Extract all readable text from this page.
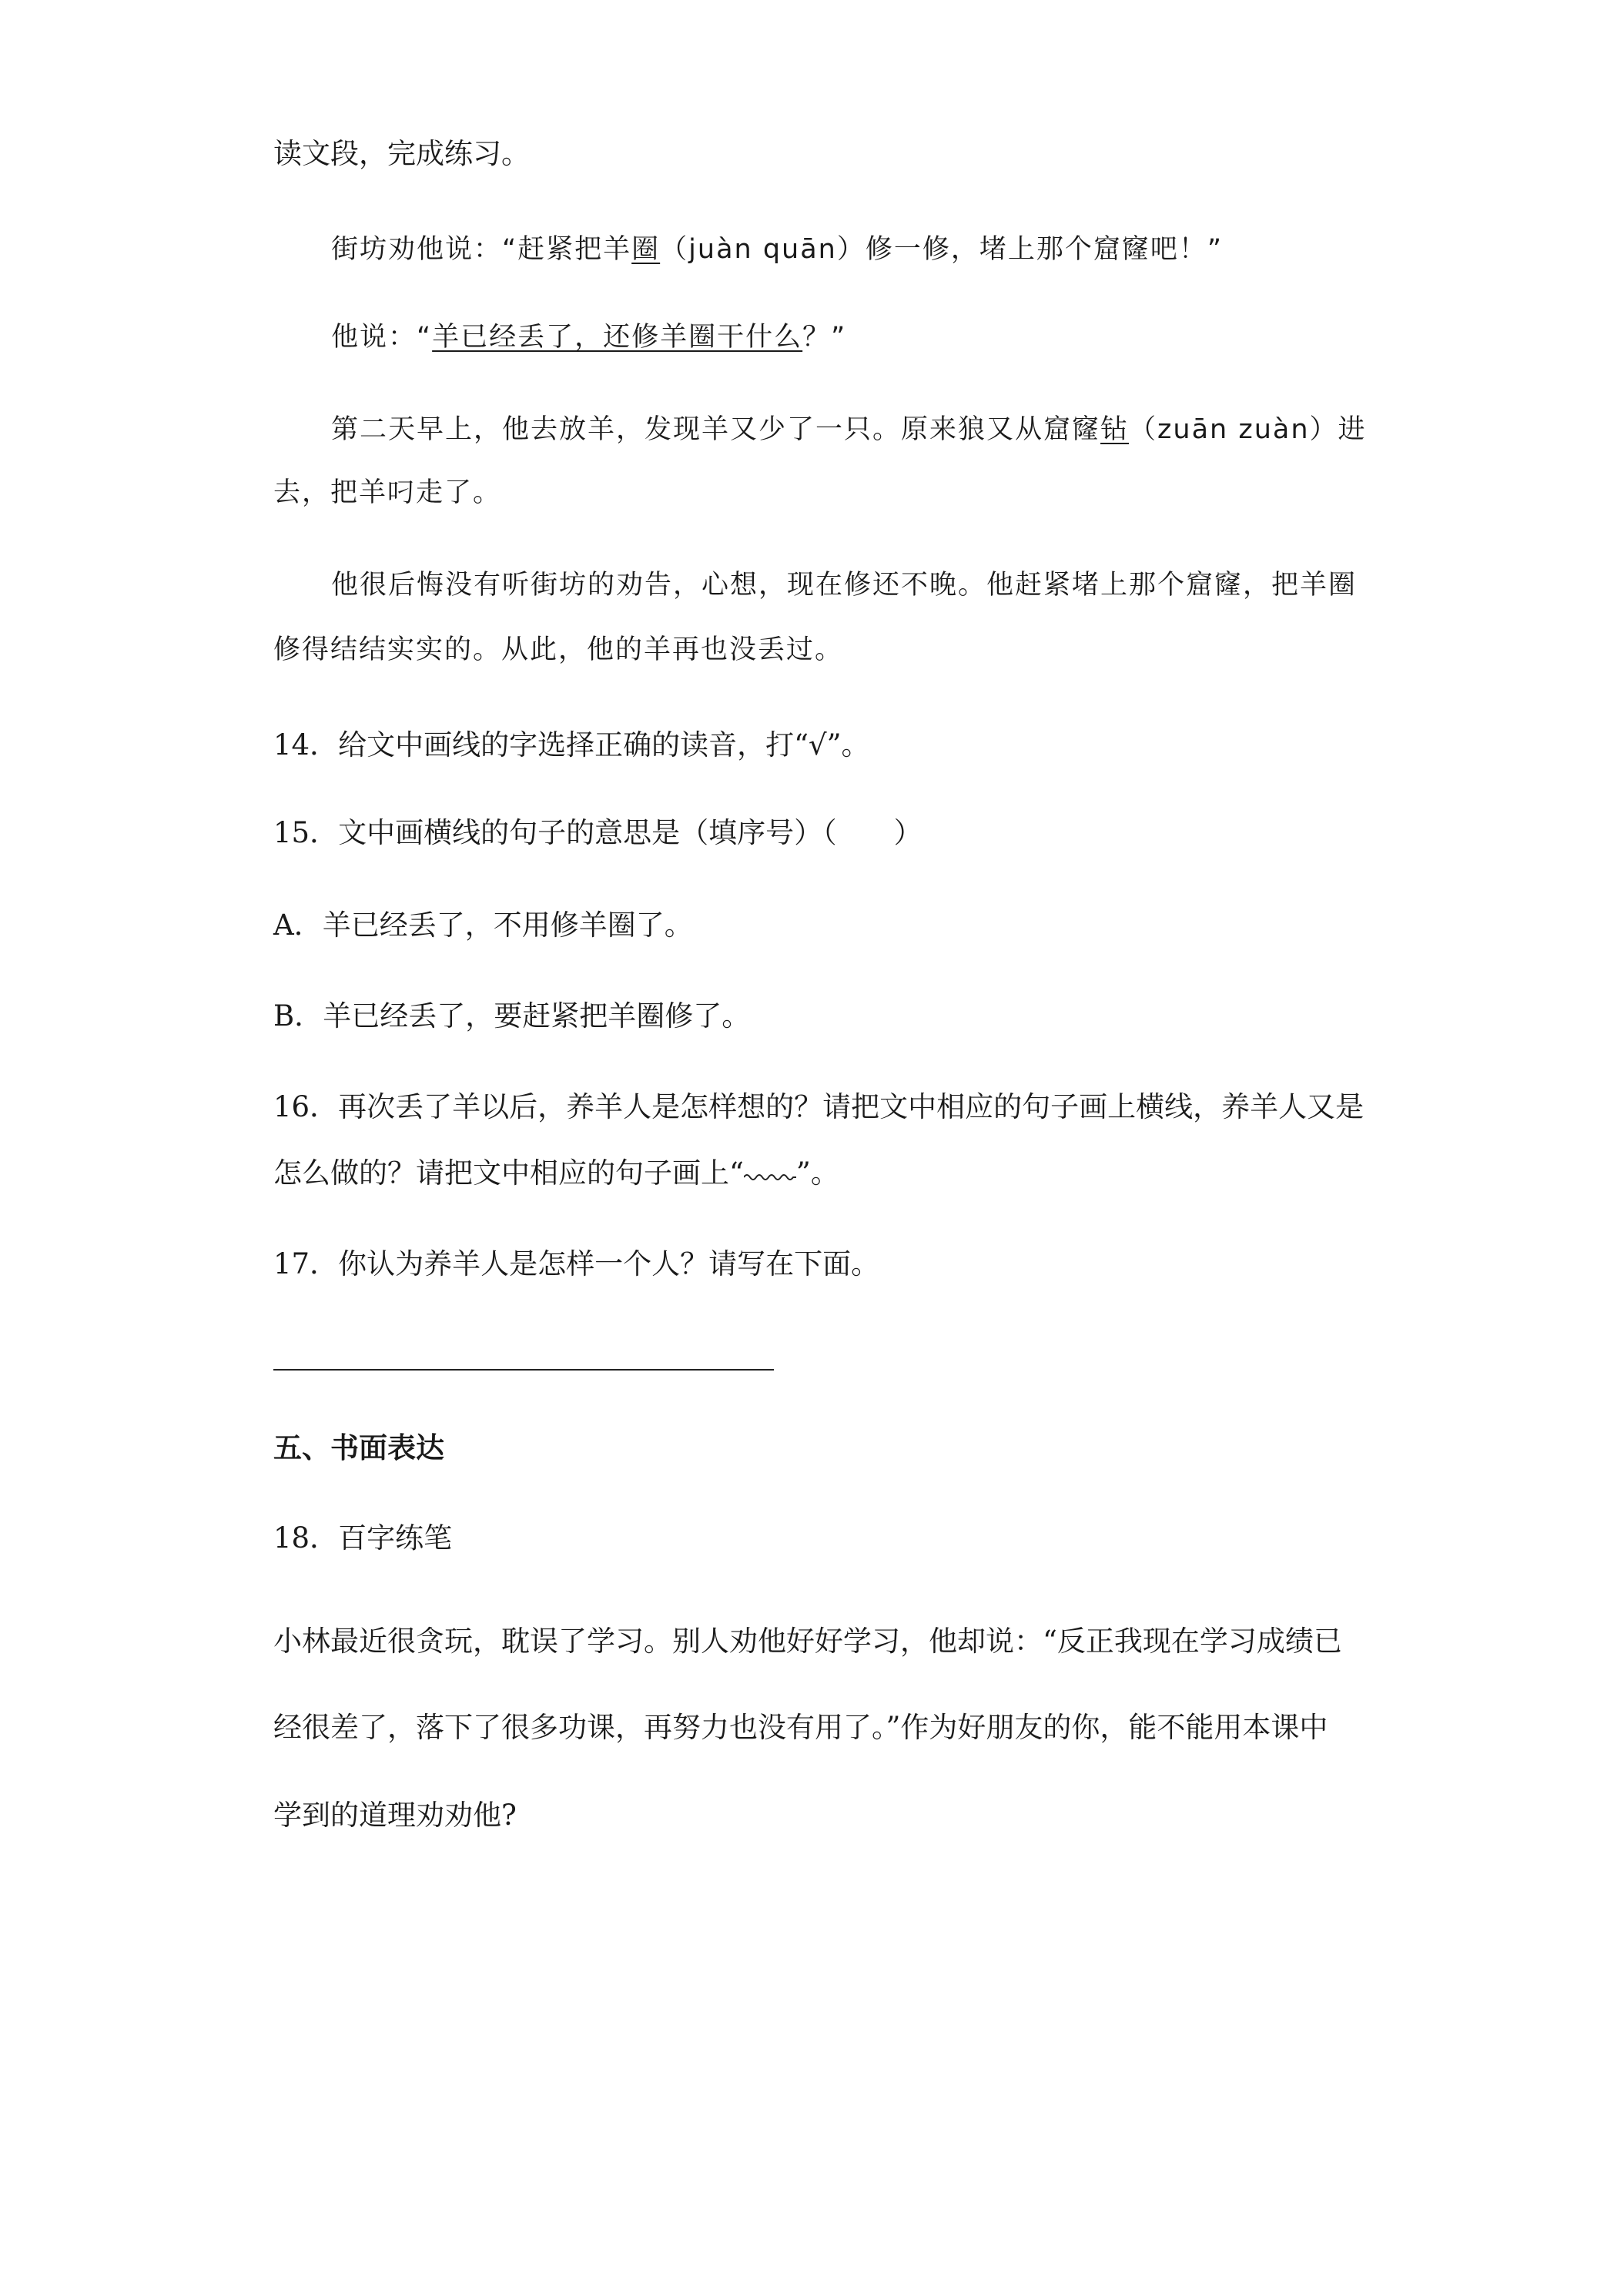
读文段，完成练习。
街坊劝他说：“赶紧把羊圈（juàn quān）修一修，堵上那个窟窿吧！”
他说：“羊已经丢了，还修羊圈干什么？”
第二天早上，他去放羊，发现羊又少了一只。原来狼又从窟窿钻（zuān zuàn）进
去，把羊叼走了。
他很后悔没有听街坊的劝告，心想，现在修还不晚。他赶紧堵上那个窟窿，把羊圈
修得结结实实的。从此，他的羊再也没丢过。
14．给文中画线的字选择正确的读音，打“√”。
15．文中画横线的句子的意思是（填序号）（　　）
A．羊已经丢了，不用修羊圈了。
B．羊已经丢了，要赶紧把羊圈修了。
16．再次丢了羊以后，养羊人是怎样想的？请把文中相应的句子画上横线，养羊人又是
怎么做的？请把文中相应的句子画上“ ”。
17．你认为养羊人是怎样一个人？请写在下面。
五、书面表达
18．百字练笔
小林最近很贪玩，耽误了学习。别人劝他好好学习，他却说：“反正我现在学习成绩已
经很差了，落下了很多功课，再努力也没有用了。”作为好朋友的你，能不能用本课中
学到的道理劝劝他?
